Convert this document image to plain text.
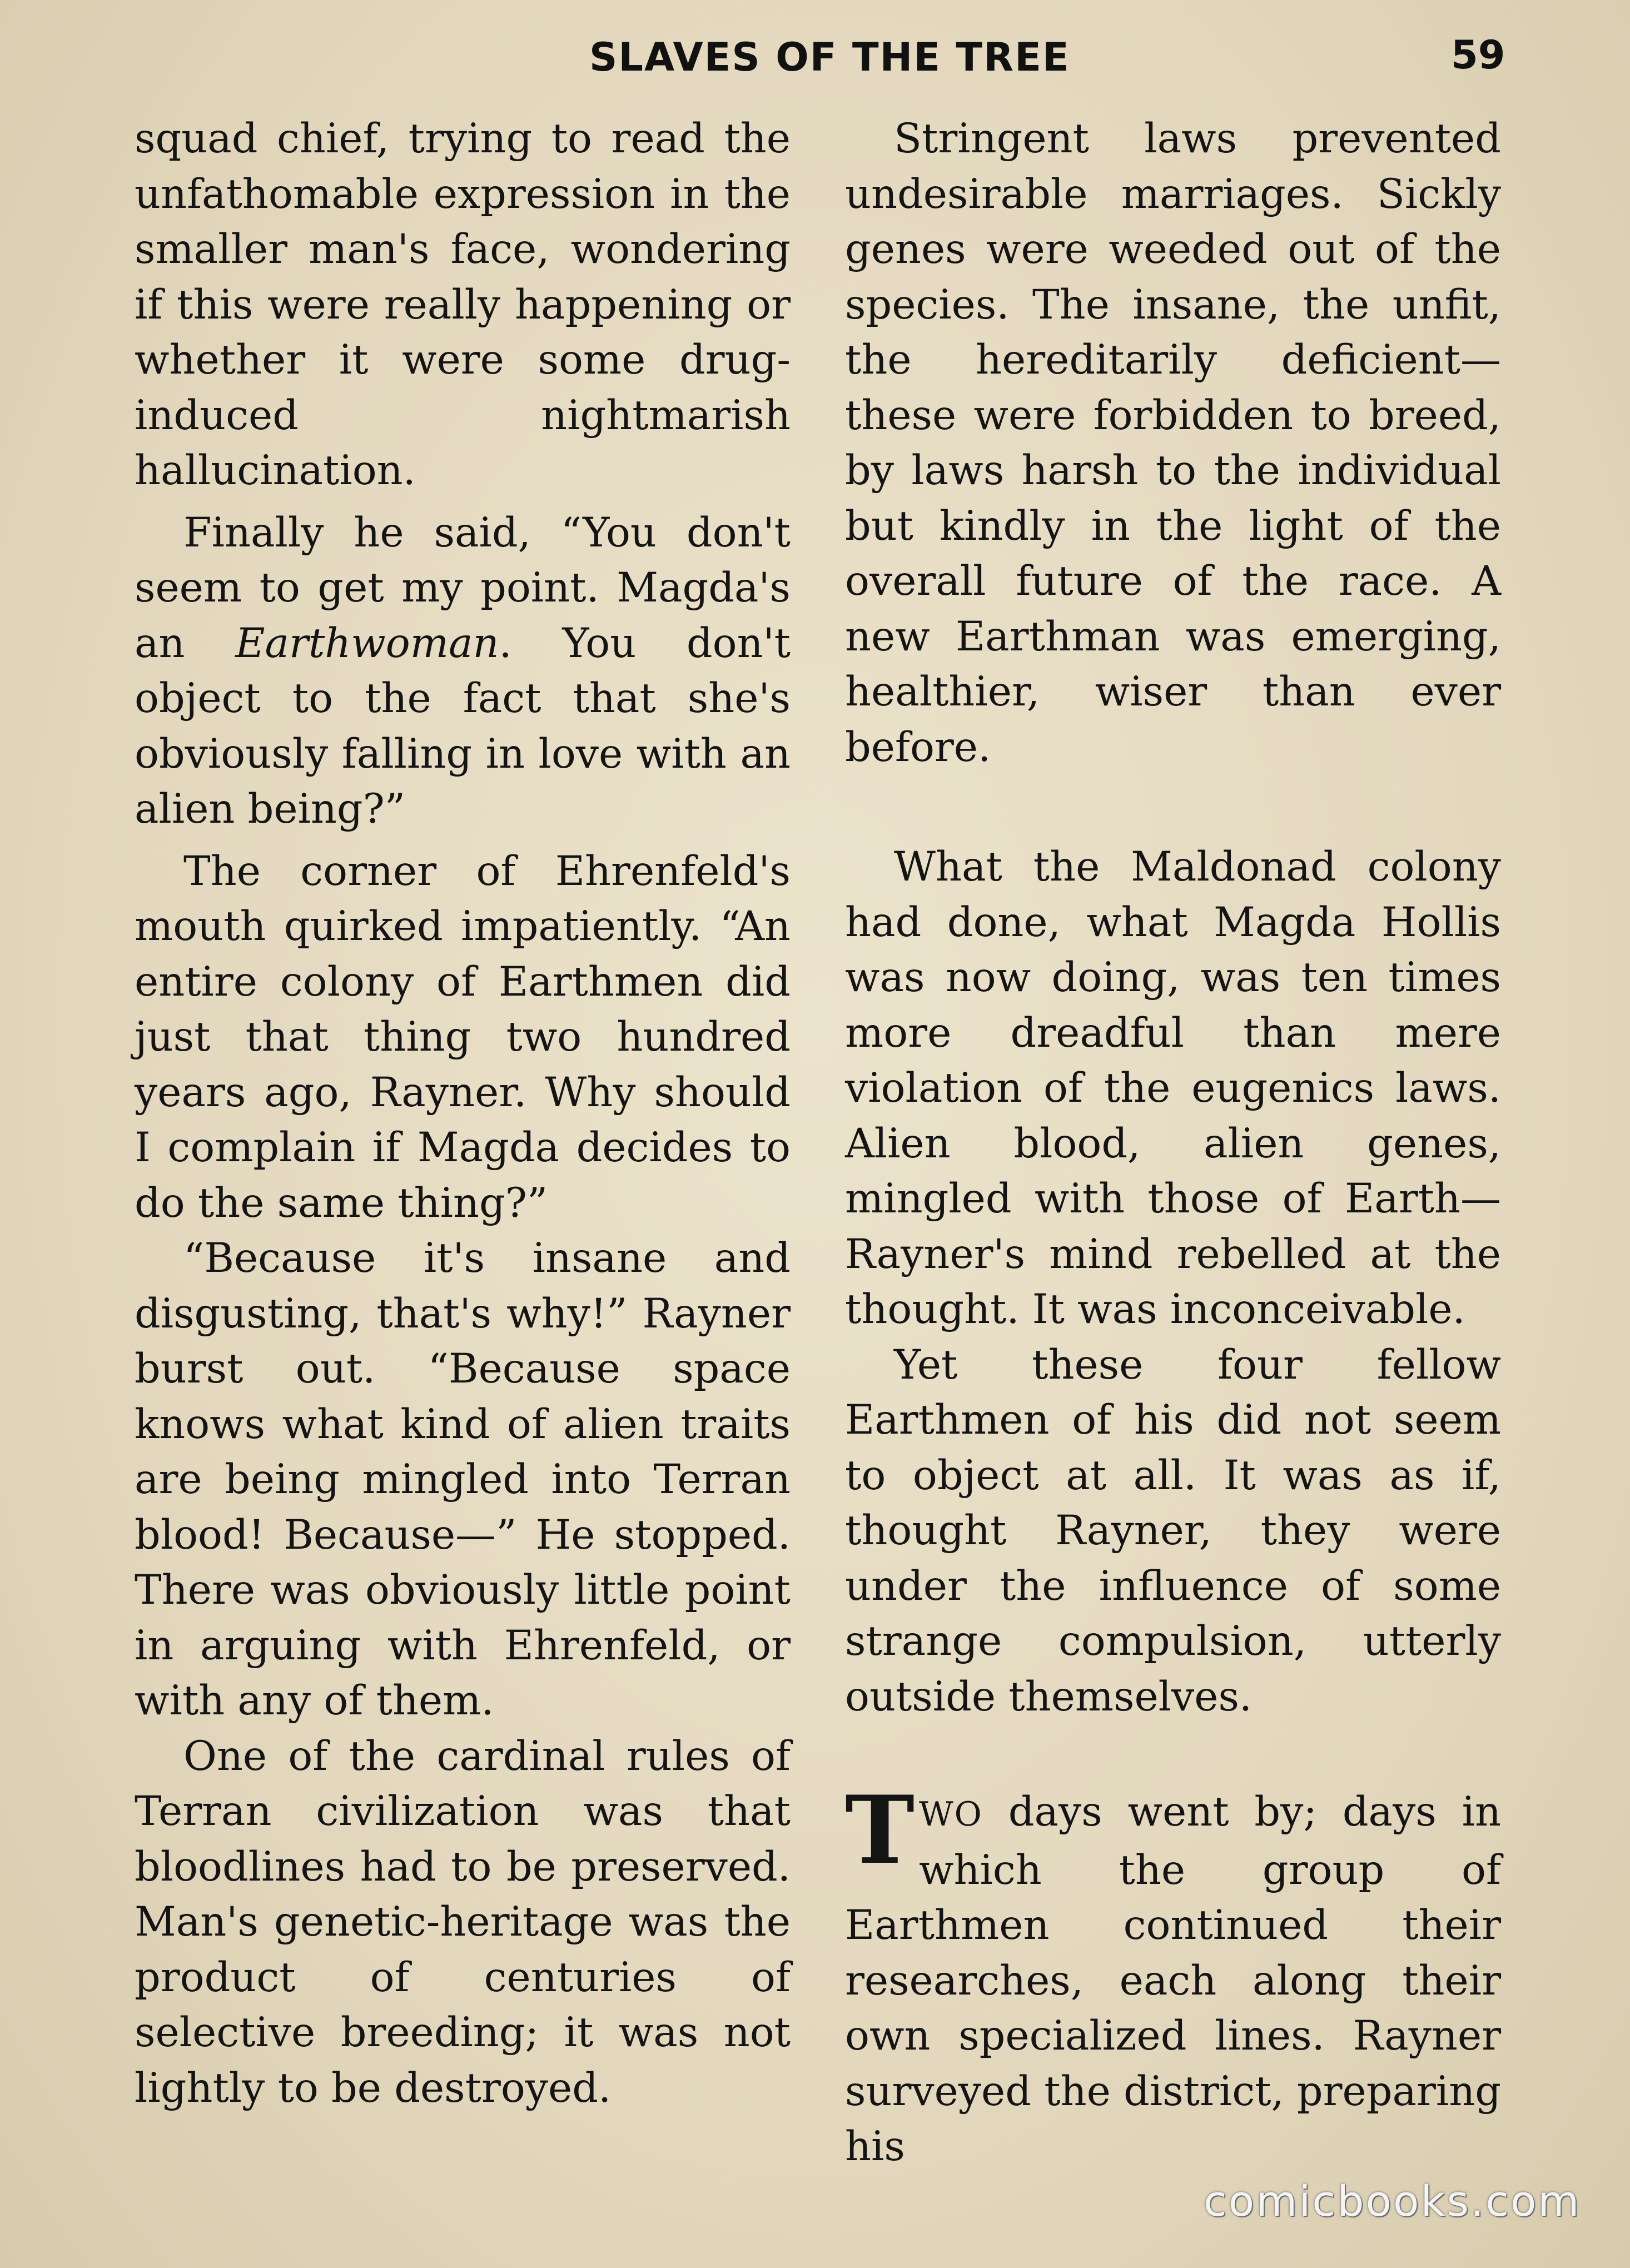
SLAVES OF THE TREE	59

squad chief, trying to read the unfathomable expression in the smaller man's face, wondering if this were really happening or whether it were some drug-induced nightmarish hallucination.

Finally he said, “You don't seem to get my point. Magda's an Earthwoman. You don't object to the fact that she's obviously falling in love with an alien being?”

The corner of Ehrenfeld's mouth quirked impatiently. “An entire colony of Earthmen did just that thing two hundred years ago, Rayner. Why should I complain if Magda decides to do the same thing?”

“Because it's insane and disgusting, that's why!” Rayner burst out. “Because space knows what kind of alien traits are being mingled into Terran blood! Because—” He stopped. There was obviously little point in arguing with Ehrenfeld, or with any of them.

One of the cardinal rules of Terran civilization was that bloodlines had to be preserved. Man's genetic-heritage was the product of centuries of selective breeding; it was not lightly to be destroyed.

Stringent laws prevented undesirable marriages. Sickly genes were weeded out of the species. The insane, the unfit, the hereditarily deficient—these were forbidden to breed, by laws harsh to the individual but kindly in the light of the overall future of the race. A new Earthman was emerging, healthier, wiser than ever before.

What the Maldonad colony had done, what Magda Hollis was now doing, was ten times more dreadful than mere violation of the eugenics laws. Alien blood, alien genes, mingled with those of Earth—Rayner's mind rebelled at the thought. It was inconceivable.

Yet these four fellow Earthmen of his did not seem to object at all. It was as if, thought Rayner, they were under the influence of some strange compulsion, utterly outside themselves.

TWO days went by; days in which the group of Earthmen continued their researches, each along their own specialized lines. Rayner surveyed the district, preparing his

comicbooks.com
